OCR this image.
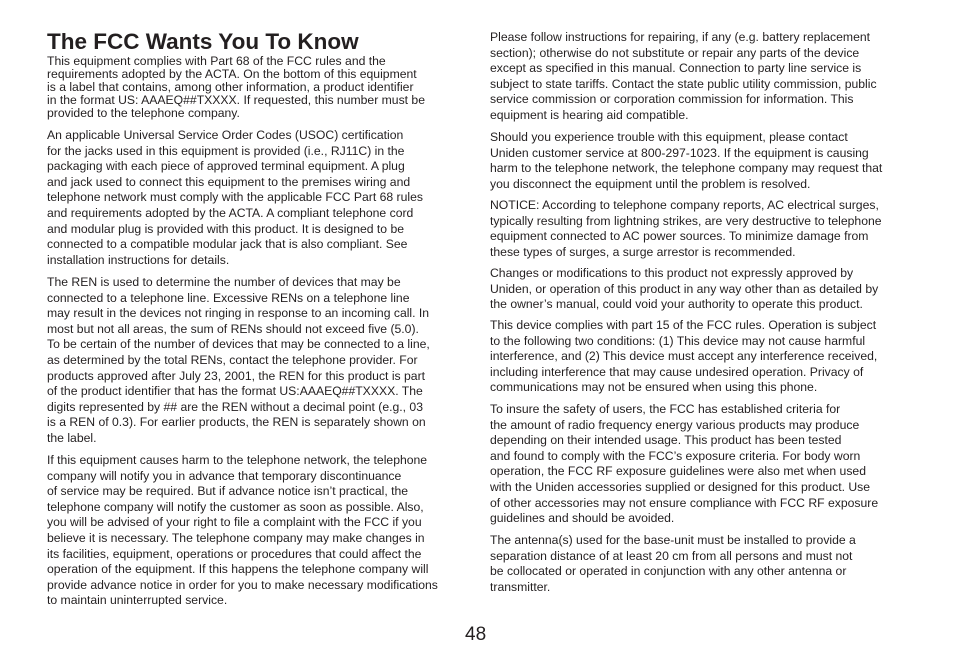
The FCC Wants You To Know

This equipment complies with Part 68 of the FCC rules and the
requirements adopted by the ACTA. On the bottom of this equipment
is a label that contains, among other information, a product identifier
in the format US: AAAEQ##TXXXX. If requested, this number must be
provided to the telephone company.

An applicable Universal Service Order Codes (USOC) certification
for the jacks used in this equipment is provided (i.e., RJ11C) in the
packaging with each piece of approved terminal equipment. A plug
and jack used to connect this equipment to the premises wiring and
telephone network must comply with the applicable FCC Part 68 rules
and requirements adopted by the ACTA. A compliant telephone cord
and modular plug is provided with this product. It is designed to be
connected to a compatible modular jack that is also compliant. See
installation instructions for details.

The REN is used to determine the number of devices that may be
connected to a telephone line. Excessive RENs on a telephone line
may result in the devices not ringing in response to an incoming call. In
most but not all areas, the sum of RENs should not exceed five (5.0).
To be certain of the number of devices that may be connected to a line,
as determined by the total RENs, contact the telephone provider. For
products approved after July 23, 2001, the REN for this product is part
of the product identifier that has the format US:AAAEQ##TXXXX. The
digits represented by ## are the REN without a decimal point (e.g., 03
is a REN of 0.3). For earlier products, the REN is separately shown on
the label.

If this equipment causes harm to the telephone network, the telephone
company will notify you in advance that temporary discontinuance
of service may be required. But if advance notice isn’t practical, the
telephone company will notify the customer as soon as possible. Also,
you will be advised of your right to file a complaint with the FCC if you
believe it is necessary. The telephone company may make changes in
its facilities, equipment, operations or procedures that could affect the
operation of the equipment. If this happens the telephone company will
provide advance notice in order for you to make necessary modifications
to maintain uninterrupted service.

Please follow instructions for repairing, if any (e.g. battery replacement
section); otherwise do not substitute or repair any parts of the device
except as specified in this manual. Connection to party line service is
subject to state tariffs. Contact the state public utility commission, public
service commission or corporation commission for information. This
equipment is hearing aid compatible.

Should you experience trouble with this equipment, please contact
Uniden customer service at 800-297-1023. If the equipment is causing
harm to the telephone network, the telephone company may request that
you disconnect the equipment until the problem is resolved.

NOTICE: According to telephone company reports, AC electrical surges,
typically resulting from lightning strikes, are very destructive to telephone
equipment connected to AC power sources. To minimize damage from
these types of surges, a surge arrestor is recommended.

Changes or modifications to this product not expressly approved by
Uniden, or operation of this product in any way other than as detailed by
the owner’s manual, could void your authority to operate this product.

This device complies with part 15 of the FCC rules. Operation is subject
to the following two conditions: (1) This device may not cause harmful
interference, and (2) This device must accept any interference received,
including interference that may cause undesired operation. Privacy of
communications may not be ensured when using this phone.

To insure the safety of users, the FCC has established criteria for
the amount of radio frequency energy various products may produce
depending on their intended usage. This product has been tested
and found to comply with the FCC’s exposure criteria. For body worn
operation, the FCC RF exposure guidelines were also met when used
with the Uniden accessories supplied or designed for this product. Use
of other accessories may not ensure compliance with FCC RF exposure
guidelines and should be avoided.

The antenna(s) used for the base-unit must be installed to provide a
separation distance of at least 20 cm from all persons and must not
be collocated or operated in conjunction with any other antenna or
transmitter.

48
